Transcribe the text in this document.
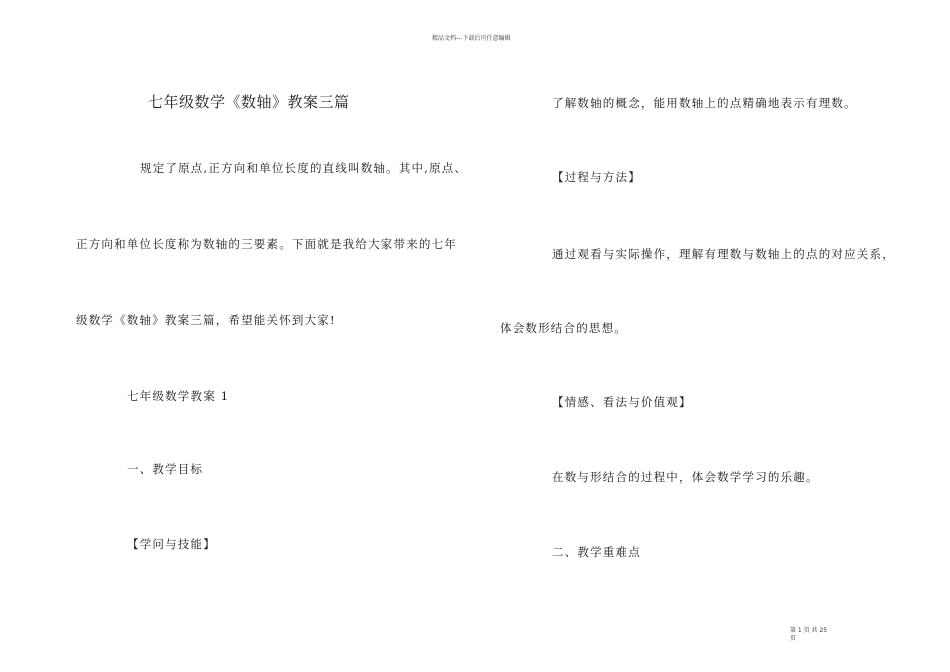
精品文档---下载后可任意编辑
七年级数学《数轴》教案三篇
规定了原点,正方向和单位长度的直线叫数轴。其中,原点、
正方向和单位长度称为数轴的三要素。下面就是我给大家带来的七年
级数学《数轴》教案三篇，希望能关怀到大家!
七年级数学教案 1
一、教学目标
【学问与技能】
了解数轴的概念，能用数轴上的点精确地表示有理数。
【过程与方法】
通过观看与实际操作，理解有理数与数轴上的点的对应关系，
体会数形结合的思想。
【情感、看法与价值观】
在数与形结合的过程中，体会数学学习的乐趣。
二、教学重难点
第 1 页 共 25 页
